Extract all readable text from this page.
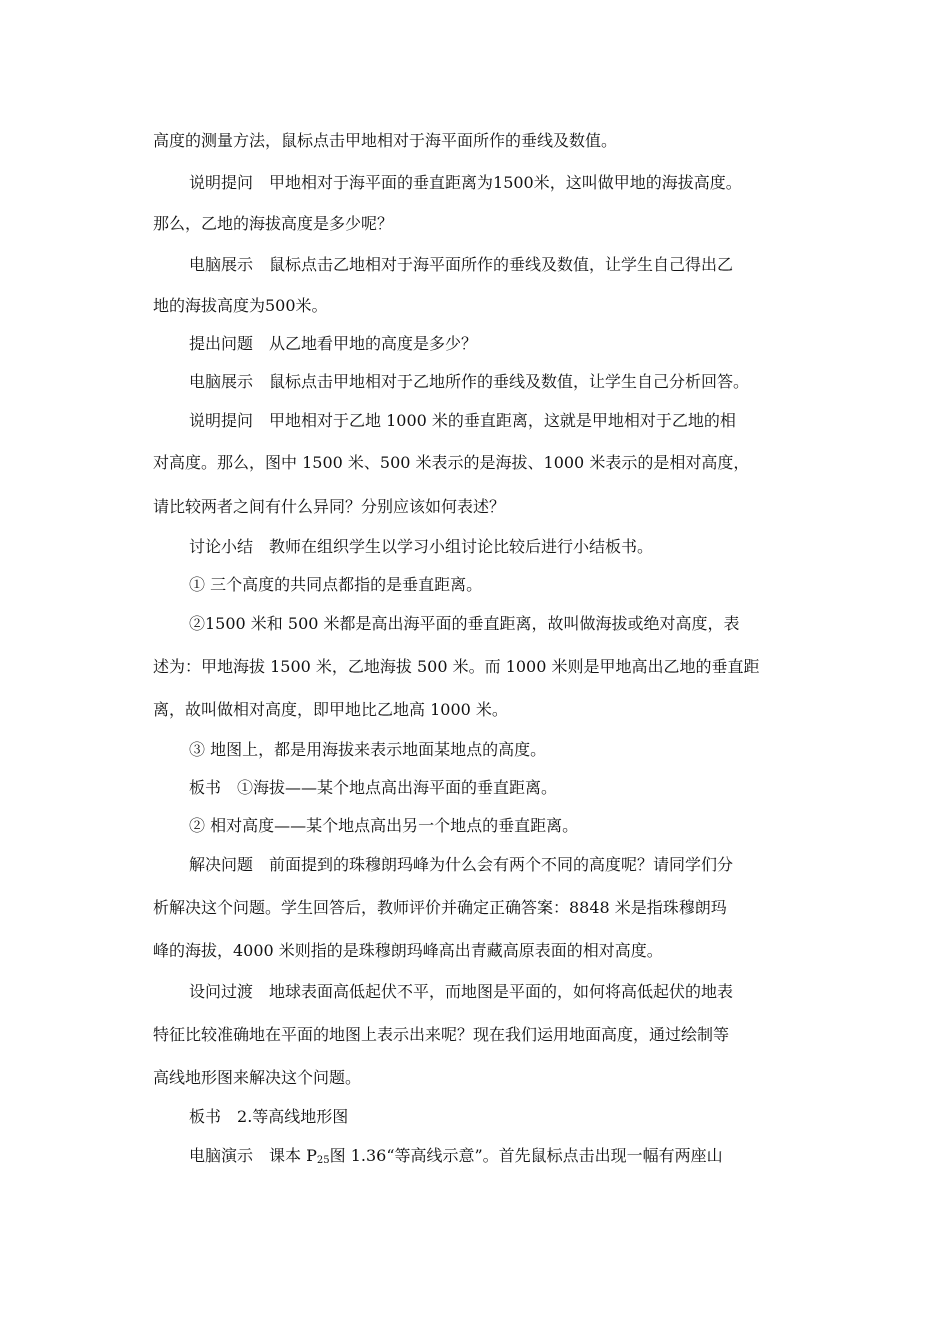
高度的测量方法，鼠标点击甲地相对于海平面所作的垂线及数值。
说明提问 甲地相对于海平面的垂直距离为1500米，这叫做甲地的海拔高度。
那么，乙地的海拔高度是多少呢？
电脑展示 鼠标点击乙地相对于海平面所作的垂线及数值，让学生自己得出乙
地的海拔高度为500米。
提出问题 从乙地看甲地的高度是多少？
电脑展示 鼠标点击甲地相对于乙地所作的垂线及数值，让学生自己分析回答。
说明提问 甲地相对于乙地 1000 米的垂直距离，这就是甲地相对于乙地的相
对高度。那么，图中 1500 米、500 米表示的是海拔、1000 米表示的是相对高度，
请比较两者之间有什么异同？分别应该如何表述？
讨论小结 教师在组织学生以学习小组讨论比较后进行小结板书。
① 三个高度的共同点都指的是垂直距离。
②1500 米和 500 米都是高出海平面的垂直距离，故叫做海拔或绝对高度，表
述为：甲地海拔 1500 米，乙地海拔 500 米。而 1000 米则是甲地高出乙地的垂直距
离，故叫做相对高度，即甲地比乙地高 1000 米。
③ 地图上，都是用海拔来表示地面某地点的高度。
板书 ①海拔——某个地点高出海平面的垂直距离。
② 相对高度——某个地点高出另一个地点的垂直距离。
解决问题 前面提到的珠穆朗玛峰为什么会有两个不同的高度呢？请同学们分
析解决这个问题。学生回答后，教师评价并确定正确答案：8848 米是指珠穆朗玛
峰的海拔，4000 米则指的是珠穆朗玛峰高出青藏高原表面的相对高度。
设问过渡 地球表面高低起伏不平，而地图是平面的，如何将高低起伏的地表
特征比较准确地在平面的地图上表示出来呢？现在我们运用地面高度，通过绘制等
高线地形图来解决这个问题。
板书 2.等高线地形图
电脑演示 课本 $P_{25}$图 1.36“等高线示意”。首先鼠标点击出现一幅有两座山
